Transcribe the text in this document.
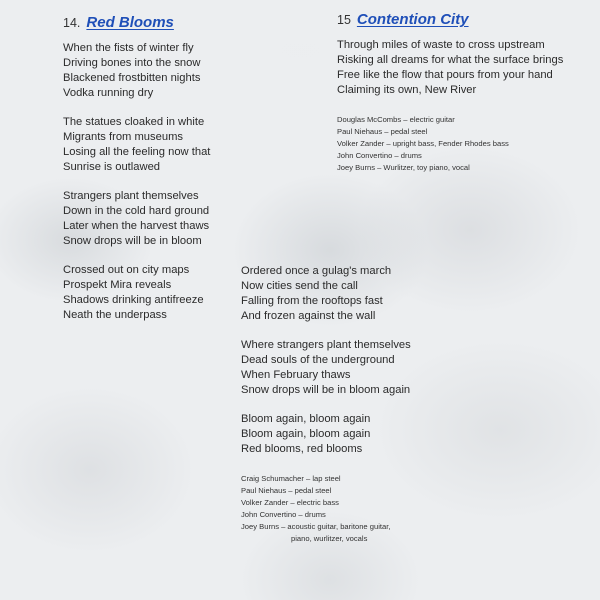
14. Red Blooms
When the fists of winter fly
Driving bones into the snow
Blackened frostbitten nights
Vodka running dry
The statues cloaked in white
Migrants from museums
Losing all the feeling now that
Sunrise is outlawed
Strangers plant themselves
Down in the cold hard ground
Later when the harvest thaws
Snow drops will be in bloom
Crossed out on city maps
Prospekt Mira reveals
Shadows drinking antifreeze
Neath the underpass
15 Contention City
Through miles of waste to cross upstream
Risking all dreams for what the surface brings
Free like the flow that pours from your hand
Claiming its own, New River
Douglas McCombs – electric guitar
Paul Niehaus – pedal steel
Volker Zander – upright bass, Fender Rhodes bass
John Convertino – drums
Joey Burns – Wurlitzer, toy piano, vocal
Ordered once a gulag's march
Now cities send the call
Falling from the rooftops fast
And frozen against the wall
Where strangers plant themselves
Dead souls of the underground
When February thaws
Snow drops will be in bloom again
Bloom again, bloom again
Bloom again, bloom again
Red blooms, red blooms
Craig Schumacher – lap steel
Paul Niehaus – pedal steel
Volker Zander – electric bass
John Convertino – drums
Joey Burns – acoustic guitar, baritone guitar,
piano, wurlitzer, vocals
